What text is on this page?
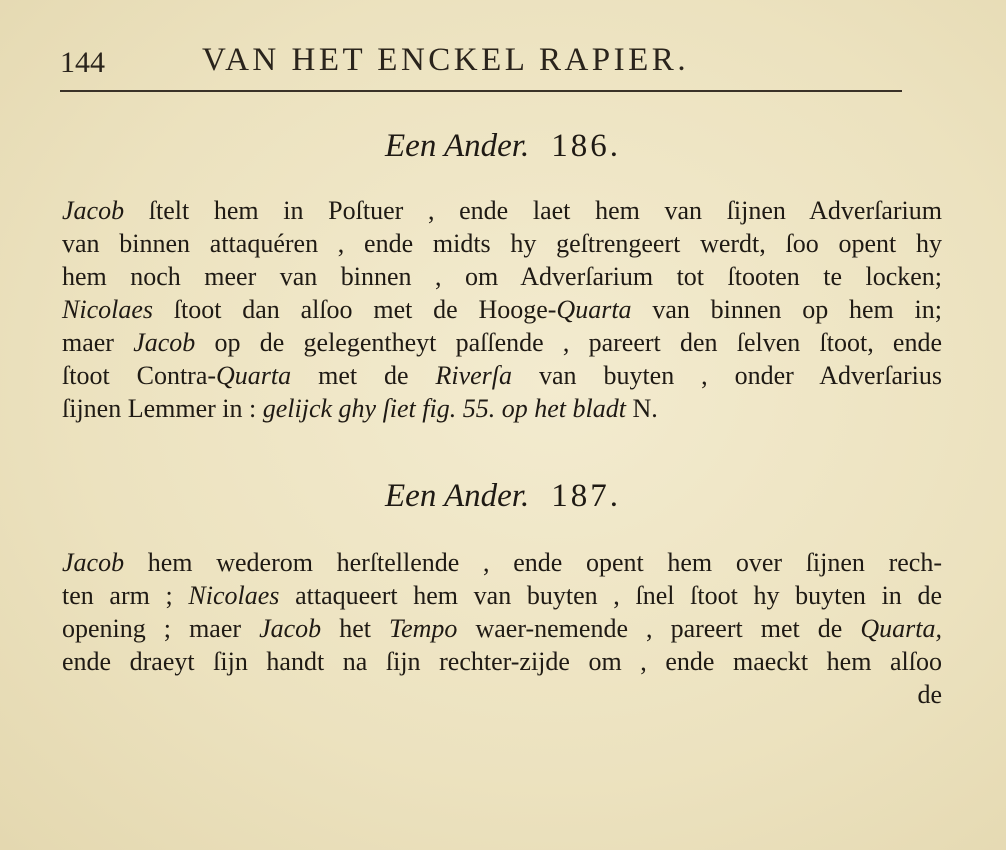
144	VAN HET ENCKEL RAPIER.
Een Ander. 186.
Jacob ſtelt hem in Poſtuer , ende laet hem van ſijnen Adverſarium
van binnen attaquéren , ende midts hy geſtrengeert werdt, ſoo opent hy
hem noch meer van binnen , om Adverſarium tot ſtooten te locken;
Nicolaes ſtoot dan alſoo met de Hooge-Quarta van binnen op hem in;
maer Jacob op de gelegentheyt paſſende , pareert den ſelven ſtoot, ende
ſtoot Contra-Quarta met de Riverſa van buyten , onder Adverſarius
ſijnen Lemmer in : gelijck ghy ſiet fig. 55. op het bladt N.
Een Ander. 187.
Jacob hem wederom herſtellende , ende opent hem over ſijnen rech-
ten arm ; Nicolaes attaqueert hem van buyten , ſnel ſtoot hy buyten in de
opening ; maer Jacob het Tempo waer-nemende , pareert met de Quarta,
ende draeyt ſijn handt na ſijn rechter-zijde om , ende maeckt hem alſoo
de
